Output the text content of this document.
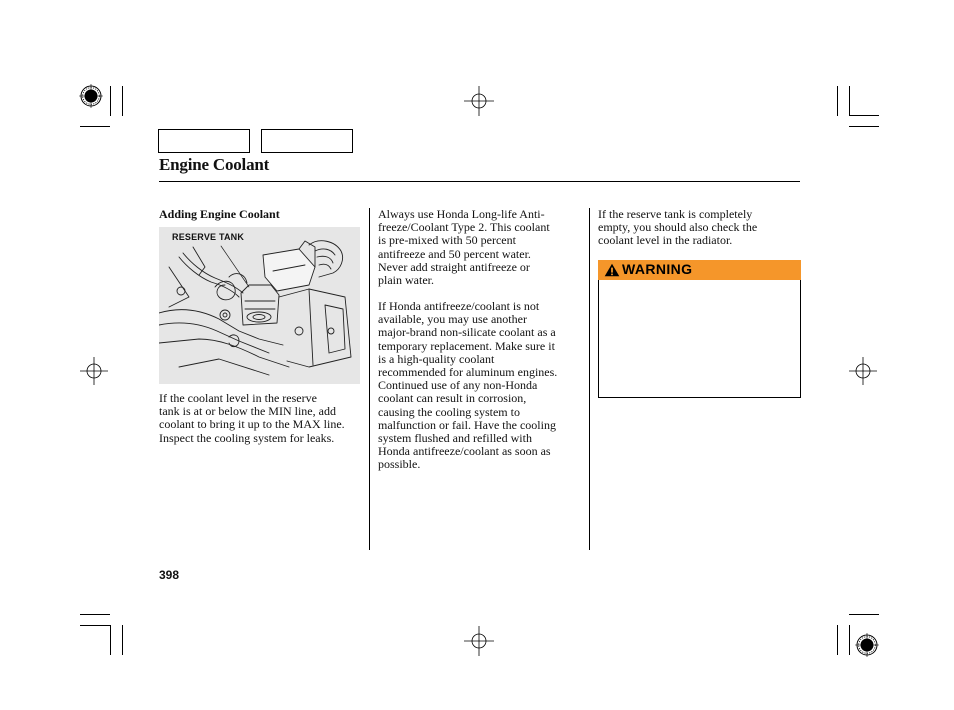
Engine Coolant
Adding Engine Coolant
RESERVE TANK
If the coolant level in the reserve
tank is at or below the MIN line, add
coolant to bring it up to the MAX line.
Inspect the cooling system for leaks.
Always use Honda Long-life Anti-
freeze/Coolant Type 2. This coolant
is pre-mixed with 50 percent
antifreeze and 50 percent water.
Never add straight antifreeze or
plain water.
If Honda antifreeze/coolant is not
available, you may use another
major-brand non-silicate coolant as a
temporary replacement. Make sure it
is a high-quality coolant
recommended for aluminum engines.
Continued use of any non-Honda
coolant can result in corrosion,
causing the cooling system to
malfunction or fail. Have the cooling
system flushed and refilled with
Honda antifreeze/coolant as soon as
possible.
If the reserve tank is completely
empty, you should also check the
coolant level in the radiator.
WARNING
398
